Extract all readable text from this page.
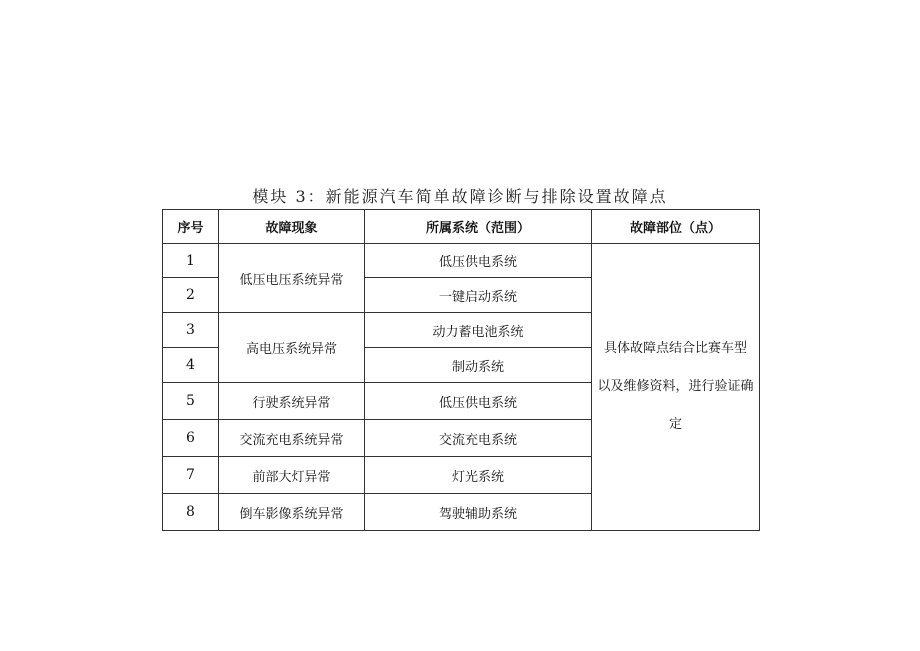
模块 3：新能源汽车简单故障诊断与排除设置故障点
序号	故障现象	所属系统（范围）	故障部位（点）
1	低压电压系统异常	低压供电系统	具体故障点结合比赛车型
以及维修资料，进行验证确
定

2		一键启动系统	
3	高电压系统异常	动力蓄电池系统	
4		制动系统	
5	行驶系统异常	低压供电系统	
6	交流充电系统异常	交流充电系统	
7	前部大灯异常	灯光系统	
8	倒车影像系统异常	驾驶辅助系统	
